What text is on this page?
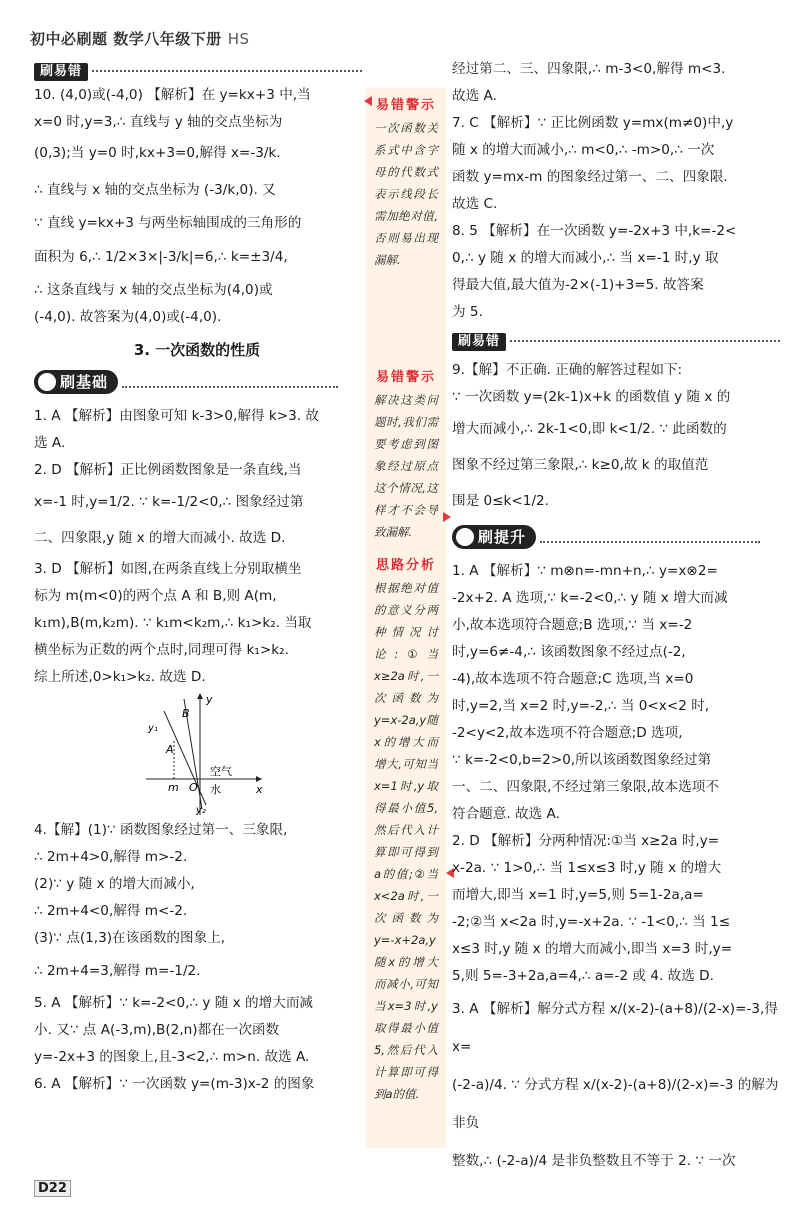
初中必刷题 数学八年级下册 HS
刷易错

10. (4,0)或(-4,0) 【解析】在 y=kx+3 中,当

x=0 时,y=3,∴ 直线与 y 轴的交点坐标为

(0,3);当 y=0 时,kx+3=0,解得 x=-3/k.

∴ 直线与 x 轴的交点坐标为 (-3/k,0). 又

∵ 直线 y=kx+3 与两坐标轴围成的三角形的

面积为 6,∴ 1/2×3×|-3/k|=6,∴ k=±3/4,

∴ 这条直线与 x 轴的交点坐标为(4,0)或

(-4,0). 故答案为(4,0)或(-4,0).

3. 一次函数的性质
刷基础

1. A 【解析】由图象可知 k-3>0,解得 k>3. 故

选 A.

2. D 【解析】正比例函数图象是一条直线,当

x=-1 时,y=1/2. ∵ k=-1/2<0,∴ 图象经过第

二、四象限,y 随 x 的增大而减小. 故选 D.

3. D 【解析】如图,在两条直线上分别取横坐

标为 m(m<0)的两个点 A 和 B,则 A(m,

k₁m),B(m,k₂m). ∵ k₁m<k₂m,∴ k₁>k₂. 当取

横坐标为正数的两个点时,同理可得 k₁>k₂.

综上所述,0>k₁>k₂. 故选 D.

y
x
B
A
y₁
y₂
O
m
空气
水

4.【解】(1)∵ 函数图象经过第一、三象限,

∴ 2m+4>0,解得 m>-2.

(2)∵ y 随 x 的增大而减小,

∴ 2m+4<0,解得 m<-2.

(3)∵ 点(1,3)在该函数的图象上,

∴ 2m+4=3,解得 m=-1/2.

5. A 【解析】∵ k=-2<0,∴ y 随 x 的增大而减

小. 又∵ 点 A(-3,m),B(2,n)都在一次函数

y=-2x+3 的图象上,且-3<2,∴ m>n. 故选 A.

6. A 【解析】∵ 一次函数 y=(m-3)x-2 的图象

易错警示
一次函数关系式中含字母的代数式表示线段长需加绝对值,否则易出现漏解.
易错警示
解决这类问题时,我们需要考虑到图象经过原点这个情况,这样才不会导致漏解.
思路分析
根据绝对值的意义分两种情况讨论:①当x≥2a时,一次函数为y=x-2a,y随x的增大而增大,可知当x=1时,y取得最小值5,然后代入计算即可得到a的值;②当x<2a时,一次函数为y=-x+2a,y随x的增大而减小,可知当x=3时,y取得最小值5,然后代入计算即可得到a的值.

经过第二、三、四象限,∴ m-3<0,解得 m<3.

故选 A.

7. C 【解析】∵ 正比例函数 y=mx(m≠0)中,y

随 x 的增大而减小,∴ m<0,∴ -m>0,∴ 一次

函数 y=mx-m 的图象经过第一、二、四象限.

故选 C.

8. 5 【解析】在一次函数 y=-2x+3 中,k=-2<

0,∴ y 随 x 的增大而减小,∴ 当 x=-1 时,y 取

得最大值,最大值为-2×(-1)+3=5. 故答案

为 5.

刷易错

9.【解】不正确. 正确的解答过程如下:

∵ 一次函数 y=(2k-1)x+k 的函数值 y 随 x 的

增大而减小,∴ 2k-1<0,即 k<1/2. ∵ 此函数的

图象不经过第三象限,∴ k≥0,故 k 的取值范

围是 0≤k<1/2.

刷提升

1. A 【解析】∵ m⊗n=-mn+n,∴ y=x⊗2=

-2x+2. A 选项,∵ k=-2<0,∴ y 随 x 增大而减

小,故本选项符合题意;B 选项,∵ 当 x=-2

时,y=6≠-4,∴ 该函数图象不经过点(-2,

-4),故本选项不符合题意;C 选项,当 x=0

时,y=2,当 x=2 时,y=-2,∴ 当 0<x<2 时,

-2<y<2,故本选项不符合题意;D 选项,

∵ k=-2<0,b=2>0,所以该函数图象经过第

一、二、四象限,不经过第三象限,故本选项不

符合题意. 故选 A.

2. D 【解析】分两种情况:①当 x≥2a 时,y=

x-2a. ∵ 1>0,∴ 当 1≤x≤3 时,y 随 x 的增大

而增大,即当 x=1 时,y=5,则 5=1-2a,a=

-2;②当 x<2a 时,y=-x+2a. ∵ -1<0,∴ 当 1≤

x≤3 时,y 随 x 的增大而减小,即当 x=3 时,y=

5,则 5=-3+2a,a=4,∴ a=-2 或 4. 故选 D.

3. A 【解析】解分式方程 x/(x-2)-(a+8)/(2-x)=-3,得 x=

(-2-a)/4. ∵ 分式方程 x/(x-2)-(a+8)/(2-x)=-3 的解为非负

整数,∴ (-2-a)/4 是非负整数且不等于 2. ∵ 一次

D22
